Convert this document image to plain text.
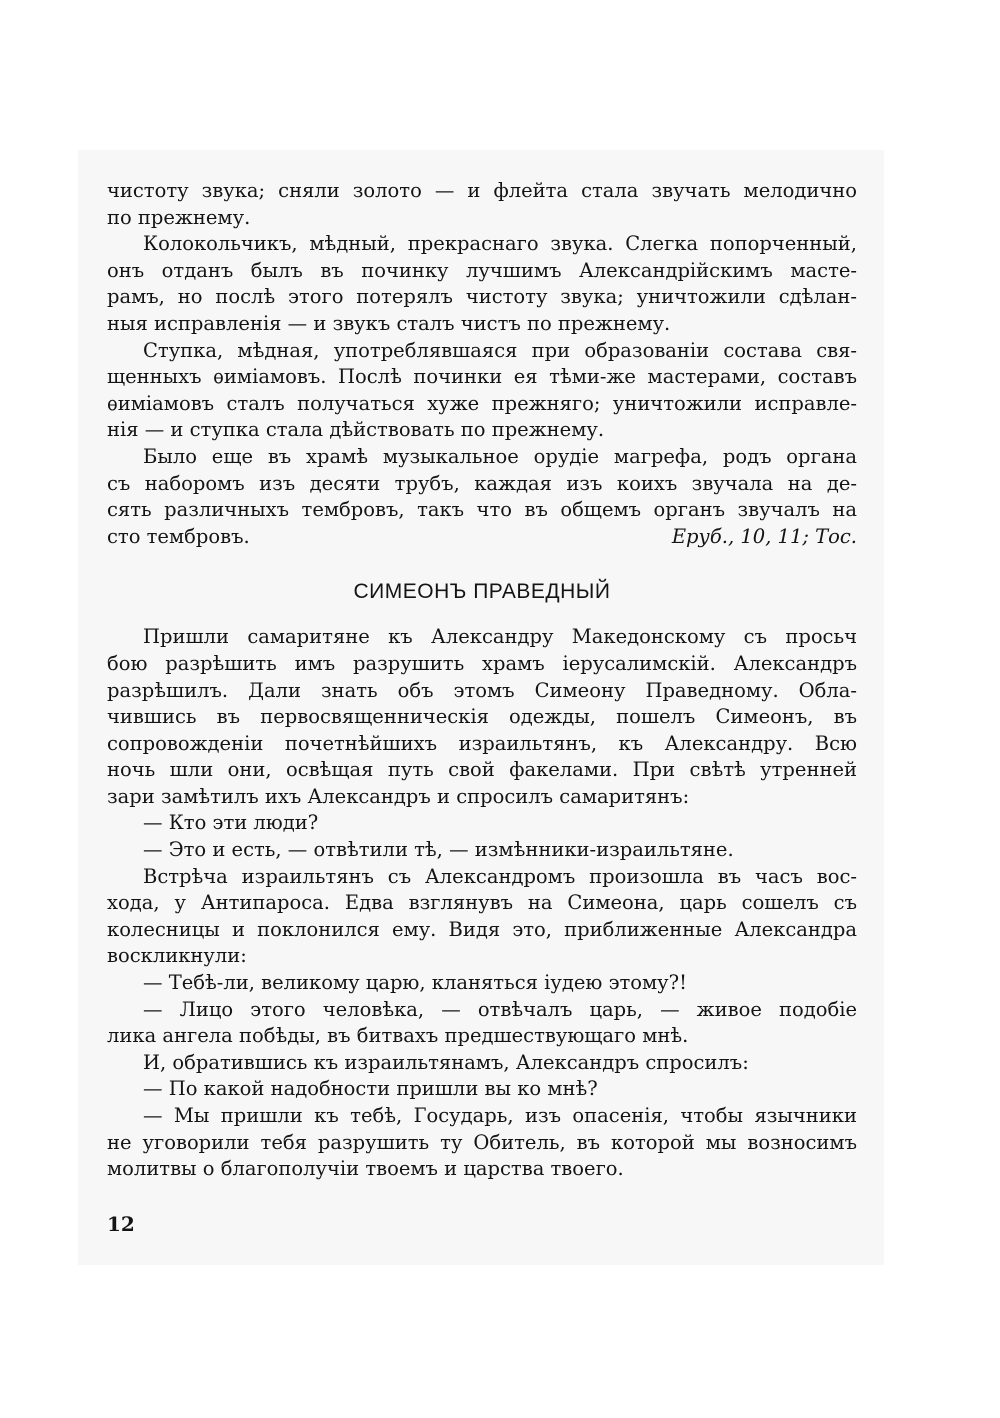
чистоту звука; сняли золото — и флейта стала звучать мелодично
по прежнему.
Колокольчикъ, мѣдный, прекраснаго звука. Слегка попорченный,
онъ отданъ былъ въ починку лучшимъ Александрійскимъ масте-
рамъ, но послѣ этого потерялъ чистоту звука; уничтожили сдѣлан-
ныя исправленія — и звукъ сталъ чистъ по прежнему.
Ступка, мѣдная, употреблявшаяся при образованіи состава свя-
щенныхъ ѳиміамовъ. Послѣ починки ея тѣми-же мастерами, составъ
ѳиміамовъ сталъ получаться хуже прежняго; уничтожили исправле-
нія — и ступка стала дѣйствовать по прежнему.
Было еще въ храмѣ музыкальное орудіе магрефа, родъ органа
съ наборомъ изъ десяти трубъ, каждая изъ коихъ звучала на де-
сять различныхъ тембровъ, такъ что въ общемъ органъ звучалъ на
сто тембровъ.	Еруб., 10, 11; Тос.
СИМЕОНЪ ПРАВЕДНЫЙ
Пришли самаритяне къ Александру Македонскому съ просьч
бою разрѣшить имъ разрушить храмъ іерусалимскій. Александръ
разрѣшилъ. Дали знать объ этомъ Симеону Праведному. Обла-
чившись въ первосвященническія одежды, пошелъ Симеонъ, въ
сопровожденіи почетнѣйшихъ израильтянъ, къ Александру. Всю
ночь шли они, освѣщая путь свой факелами. При свѣтѣ утренней
зари замѣтилъ ихъ Александръ и спросилъ самаритянъ:
— Кто эти люди?
— Это и есть, — отвѣтили тѣ, — измѣнники-израильтяне.
Встрѣча израильтянъ съ Александромъ произошла въ часъ вос-
хода, у Антипароса. Едва взглянувъ на Симеона, царь сошелъ съ
колесницы и поклонился ему. Видя это, приближенные Александра
воскликнули:
— Тебѣ-ли, великому царю, кланяться іудею этому?!
— Лицо этого человѣка, — отвѣчалъ царь, — живое подобіе
лика ангела побѣды, въ битвахъ предшествующаго мнѣ.
И, обратившись къ израильтянамъ, Александръ спросилъ:
— По какой надобности пришли вы ко мнѣ?
— Мы пришли къ тебѣ, Государь, изъ опасенія, чтобы язычники
не уговорили тебя разрушить ту Обитель, въ которой мы возносимъ
молитвы о благополучіи твоемъ и царства твоего.
12
